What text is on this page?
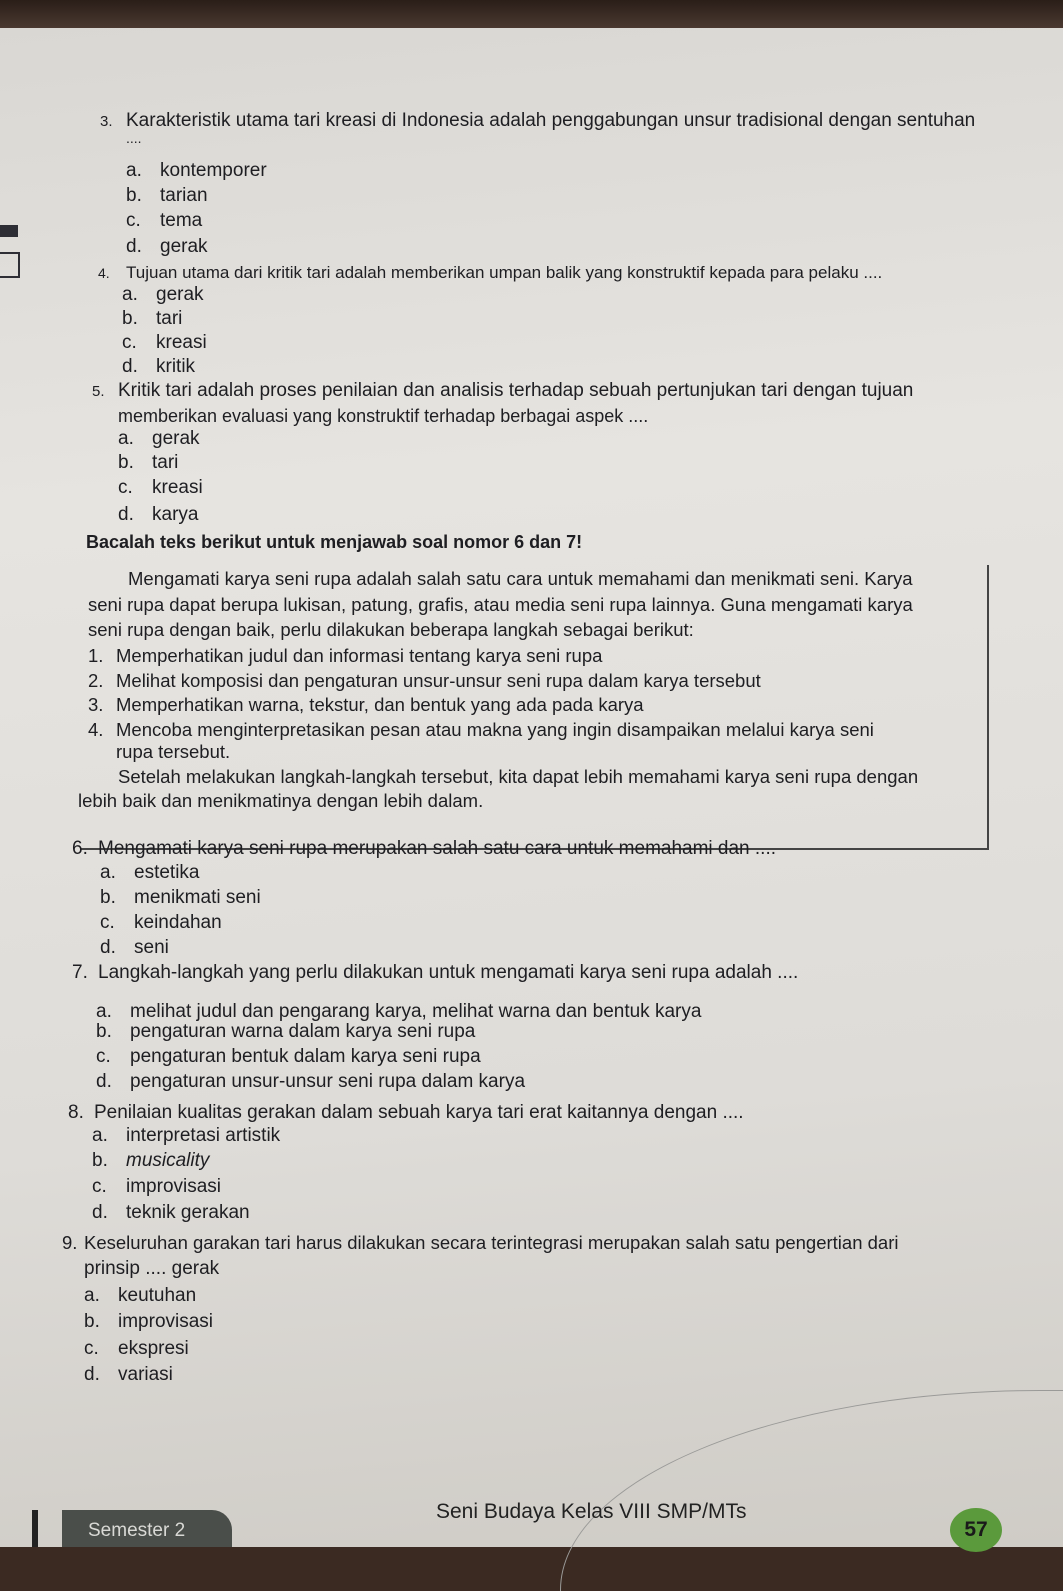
3. Karakteristik utama tari kreasi di Indonesia adalah penggabungan unsur tradisional dengan sentuhan
....
a. kontemporer
b. tarian
c. tema
d. gerak
4. Tujuan utama dari kritik tari adalah memberikan umpan balik yang konstruktif kepada para pelaku ....
a. gerak
b. tari
c. kreasi
d. kritik
5. Kritik tari adalah proses penilaian dan analisis terhadap sebuah pertunjukan tari dengan tujuan
memberikan evaluasi yang konstruktif terhadap berbagai aspek ....
a. gerak
b. tari
c. kreasi
d. karya
Bacalah teks berikut untuk menjawab soal nomor 6 dan 7!
Mengamati karya seni rupa adalah salah satu cara untuk memahami dan menikmati seni. Karya
seni rupa dapat berupa lukisan, patung, grafis, atau media seni rupa lainnya. Guna mengamati karya
seni rupa dengan baik, perlu dilakukan beberapa langkah sebagai berikut:
1. Memperhatikan judul dan informasi tentang karya seni rupa
2. Melihat komposisi dan pengaturan unsur-unsur seni rupa dalam karya tersebut
3. Memperhatikan warna, tekstur, dan bentuk yang ada pada karya
4. Mencoba menginterpretasikan pesan atau makna yang ingin disampaikan melalui karya seni
rupa tersebut.
Setelah melakukan langkah-langkah tersebut, kita dapat lebih memahami karya seni rupa dengan
lebih baik dan menikmatinya dengan lebih dalam.
6. Mengamati karya seni rupa merupakan salah satu cara untuk memahami dan ....
a. estetika
b. menikmati seni
c. keindahan
d. seni
7. Langkah-langkah yang perlu dilakukan untuk mengamati karya seni rupa adalah ....
a. melihat judul dan pengarang karya, melihat warna dan bentuk karya
b. pengaturan warna dalam karya seni rupa
c. pengaturan bentuk dalam karya seni rupa
d. pengaturan unsur-unsur seni rupa dalam karya
8. Penilaian kualitas gerakan dalam sebuah karya tari erat kaitannya dengan ....
a. interpretasi artistik
b. musicality
c. improvisasi
d. teknik gerakan
9. Keseluruhan garakan tari harus dilakukan secara terintegrasi merupakan salah satu pengertian dari
prinsip .... gerak
a. keutuhan
b. improvisasi
c. ekspresi
d. variasi
Semester 2
Seni Budaya Kelas VIII SMP/MTs
57
